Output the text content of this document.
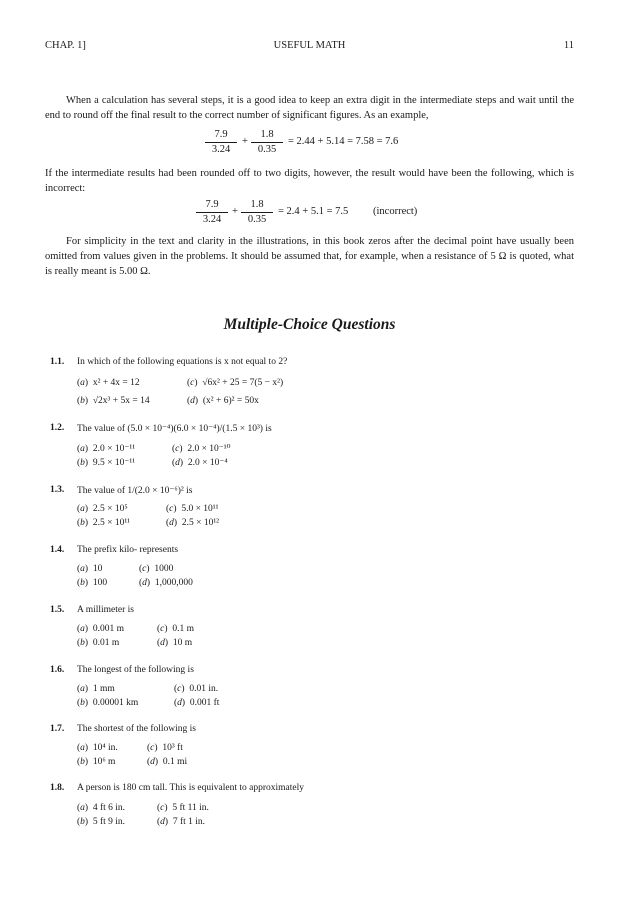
CHAP. 1]	USEFUL MATH	11
When a calculation has several steps, it is a good idea to keep an extra digit in the intermediate steps and wait until the end to round off the final result to the correct number of significant figures. As an example,
7.9
3.24
+
1.8
0.35
= 2.44 + 5.14 = 7.58 = 7.6
If the intermediate results had been rounded off to two digits, however, the result would have been the following, which is incorrect:
7.9
3.24
+
1.8
0.35
= 2.4 + 5.1 = 7.5 (incorrect)
For simplicity in the text and clarity in the illustrations, in this book zeros after the decimal point have usually been omitted from values given in the problems. It should be assumed that, for example, when a resistance of 5 Ω is quoted, what is really meant is 5.00 Ω.
Multiple-Choice Questions
1.1. In which of the following equations is x not equal to 2?
( a ) x² + 4x = 12	( c ) √6x² + 25 = 7(5 − x²)
( b ) √2x³ + 5x = 14	( d ) (x² + 6)² = 50x
1.2. The value of (5.0 × 10⁻⁴)(6.0 × 10⁻⁴)/(1.5 × 10³) is
( a ) 2.0 × 10⁻¹¹	( c ) 2.0 × 10⁻¹⁰
( b ) 9.5 × 10⁻¹¹	( d ) 2.0 × 10⁻⁴
1.3. The value of 1/(2.0 × 10⁻⁶)² is
( a ) 2.5 × 10⁵	( c ) 5.0 × 10¹¹
( b ) 2.5 × 10¹¹	( d ) 2.5 × 10¹²
1.4. The prefix kilo- represents
( a ) 10	( c ) 1000
( b ) 100	( d ) 1,000,000
1.5. A millimeter is
( a ) 0.001 m	( c ) 0.1 m
( b ) 0.01 m	( d ) 10 m
1.6. The longest of the following is
( a ) 1 mm	( c ) 0.01 in.
( b ) 0.00001 km	( d ) 0.001 ft
1.7. The shortest of the following is
( a ) 10⁴ in.	( c ) 10³ ft
( b ) 10⁶ m	( d ) 0.1 mi
1.8. A person is 180 cm tall. This is equivalent to approximately
( a ) 4 ft 6 in.	( c ) 5 ft 11 in.
( b ) 5 ft 9 in.	( d ) 7 ft 1 in.
